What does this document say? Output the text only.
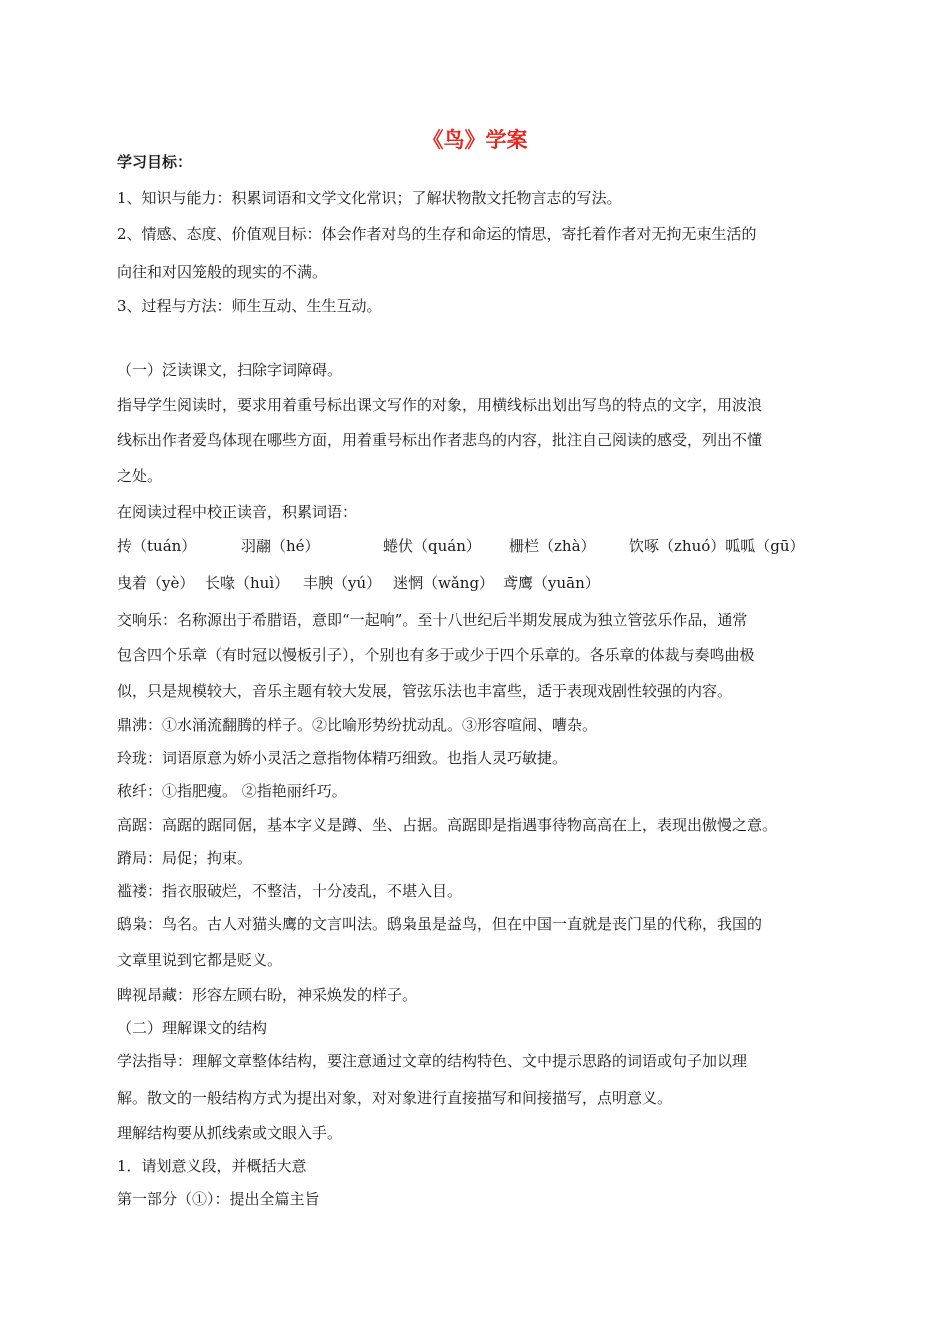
《鸟》学案
学习目标：
1、知识与能力：积累词语和文学文化常识；了解状物散文托物言志的写法。
2、情感、态度、价值观目标：体会作者对鸟的生存和命运的情思，寄托着作者对无拘无束生活的
向往和对囚笼般的现实的不满。
3、过程与方法：师生互动、生生互动。
（一）泛读课文，扫除字词障碍。
指导学生阅读时，要求用着重号标出课文写作的对象，用横线标出划出写鸟的特点的文字，用波浪
线标出作者爱鸟体现在哪些方面，用着重号标出作者悲鸟的内容，批注自己阅读的感受，列出不懂
之处。
在阅读过程中校正读音，积累词语：
抟（tuán）	羽翮（hé）	蜷伏（quán） 栅栏（zhà） 饮啄（zhuó）呱呱（gū）
曳着（yè） 长喙（huì） 丰腴（yú） 迷惘（wǎng） 鸢鹰（yuān）
交响乐：名称源出于希腊语，意即“一起响”。至十八世纪后半期发展成为独立管弦乐作品，通常
包含四个乐章（有时冠以慢板引子），个别也有多于或少于四个乐章的。各乐章的体裁与奏鸣曲极
似，只是规模较大，音乐主题有较大发展，管弦乐法也丰富些，适于表现戏剧性较强的内容。
鼎沸：①水涌流翻腾的样子。②比喻形势纷扰动乱。③形容喧闹、嘈杂。
玲珑：词语原意为娇小灵活之意指物体精巧细致。也指人灵巧敏捷。
秾纤：①指肥瘦。 ②指艳丽纤巧。
高踞：高踞的踞同倨，基本字义是蹲、坐、占据。高踞即是指遇事待物高高在上，表现出傲慢之意。
蹐局：局促；拘束。
褴褛：指衣服破烂，不整洁，十分凌乱，不堪入目。
鸱枭：鸟名。古人对猫头鹰的文言叫法。鸱枭虽是益鸟，但在中国一直就是丧门星的代称，我国的
文章里说到它都是贬义。
睥视昂藏：形容左顾右盼，神采焕发的样子。
（二）理解课文的结构
学法指导：理解文章整体结构，要注意通过文章的结构特色、文中提示思路的词语或句子加以理
解。散文的一般结构方式为提出对象，对对象进行直接描写和间接描写，点明意义。
理解结构要从抓线索或文眼入手。
1．请划意义段，并概括大意
第一部分（①）：提出全篇主旨
